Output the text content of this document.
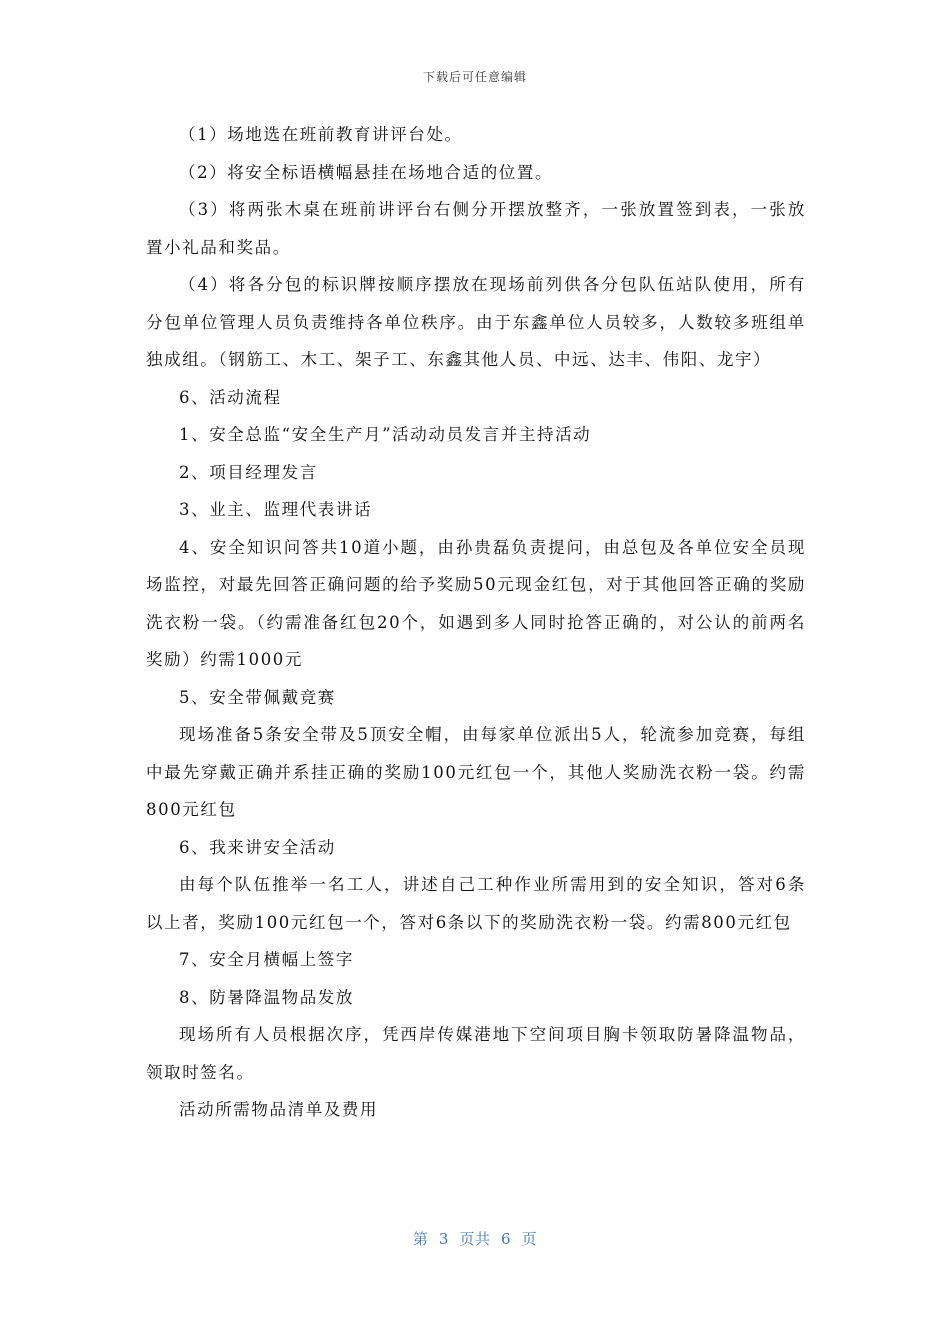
下载后可任意编辑

（1）场地选在班前教育讲评台处。

（2）将安全标语横幅悬挂在场地合适的位置。

（3）将两张木桌在班前讲评台右侧分开摆放整齐，一张放置签到表，一张放置小礼品和奖品。

（4）将各分包的标识牌按顺序摆放在现场前列供各分包队伍站队使用，所有分包单位管理人员负责维持各单位秩序。由于东鑫单位人员较多，人数较多班组单独成组。（钢筋工、木工、架子工、东鑫其他人员、中远、达丰、伟阳、龙宇）

6、活动流程

1、安全总监“安全生产月”活动动员发言并主持活动

2、项目经理发言

3、业主、监理代表讲话

4、安全知识问答共10道小题，由孙贵磊负责提问，由总包及各单位安全员现场监控，对最先回答正确问题的给予奖励50元现金红包，对于其他回答正确的奖励洗衣粉一袋。（约需准备红包20个，如遇到多人同时抢答正确的，对公认的前两名奖励）约需1000元

5、安全带佩戴竞赛

现场准备5条安全带及5顶安全帽，由每家单位派出5人，轮流参加竞赛，每组中最先穿戴正确并系挂正确的奖励100元红包一个，其他人奖励洗衣粉一袋。约需800元红包

6、我来讲安全活动

由每个队伍推举一名工人，讲述自己工种作业所需用到的安全知识，答对6条以上者，奖励100元红包一个，答对6条以下的奖励洗衣粉一袋。约需800元红包

7、安全月横幅上签字

8、防暑降温物品发放

现场所有人员根据次序，凭西岸传媒港地下空间项目胸卡领取防暑降温物品，领取时签名。

活动所需物品清单及费用

第  3  页共  6  页
